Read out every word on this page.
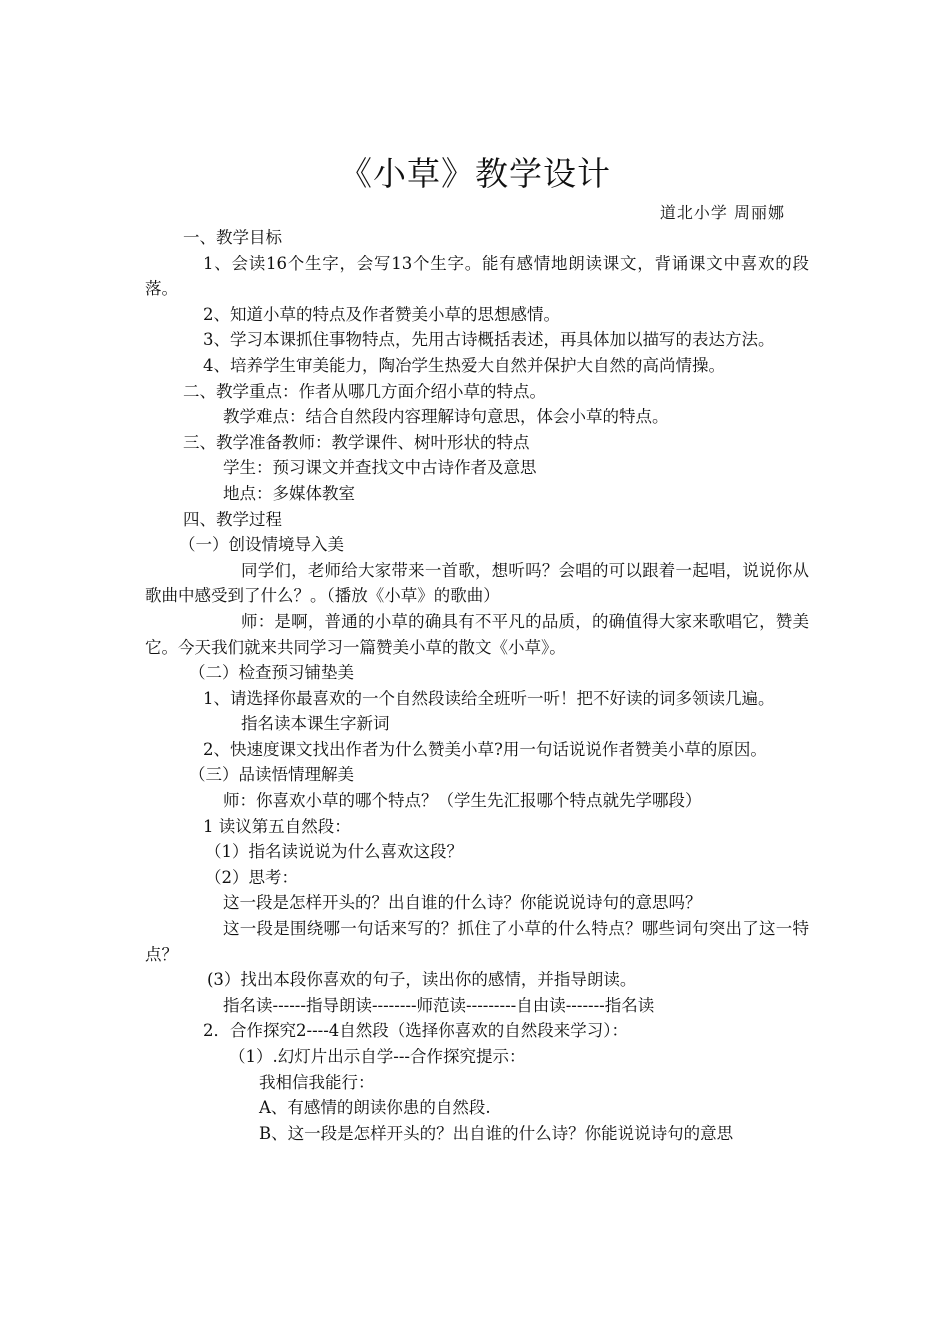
《小草》教学设计
道北小学 周丽娜

一、教学目标

1、会读16个生字，会写13个生字。能有感情地朗读课文，背诵课文中喜欢的段落。

2、知道小草的特点及作者赞美小草的思想感情。

3、学习本课抓住事物特点，先用古诗概括表述，再具体加以描写的表达方法。

4、培养学生审美能力，陶冶学生热爱大自然并保护大自然的高尚情操。

二、教学重点：作者从哪几方面介绍小草的特点。

教学难点：结合自然段内容理解诗句意思，体会小草的特点。

三、教学准备教师：教学课件、树叶形状的特点

学生：预习课文并查找文中古诗作者及意思

地点：多媒体教室

四、教学过程

（一）创设情境导入美

同学们，老师给大家带来一首歌，想听吗？会唱的可以跟着一起唱，说说你从歌曲中感受到了什么？。（播放《小草》的歌曲）

师：是啊，普通的小草的确具有不平凡的品质，的确值得大家来歌唱它，赞美它。今天我们就来共同学习一篇赞美小草的散文《小草》。

（二）检查预习铺垫美

1、请选择你最喜欢的一个自然段读给全班听一听！把不好读的词多领读几遍。

指名读本课生字新词

2、快速度课文找出作者为什么赞美小草?用一句话说说作者赞美小草的原因。

（三）品读悟情理解美

师：你喜欢小草的哪个特点？（学生先汇报哪个特点就先学哪段）

1 读议第五自然段：

（1）指名读说说为什么喜欢这段？

（2）思考：

这一段是怎样开头的？出自谁的什么诗？你能说说诗句的意思吗？

这一段是围绕哪一句话来写的？抓住了小草的什么特点？哪些词句突出了这一特点？

(3）找出本段你喜欢的句子，读出你的感情，并指导朗读。

指名读------指导朗读--------师范读---------自由读-------指名读

2．合作探究2----4自然段（选择你喜欢的自然段来学习）：

（1）.幻灯片出示自学---合作探究提示：

我相信我能行：

A、有感情的朗读你患的自然段.

B、这一段是怎样开头的？出自谁的什么诗？你能说说诗句的意思
